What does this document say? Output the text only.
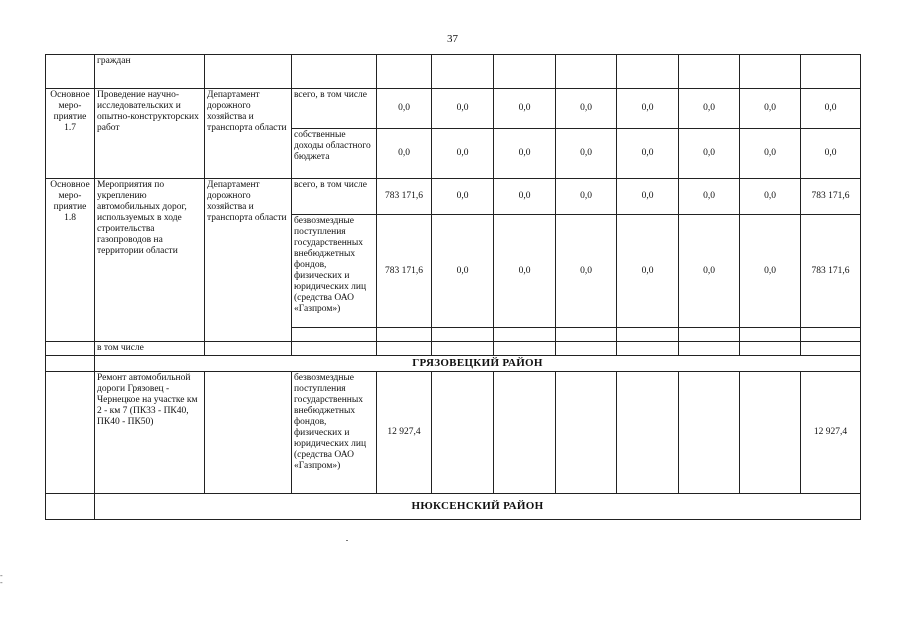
37
	граждан										
Основное меро-приятие 1.7	Проведение научно-исследовательских и опытно-конструкторских работ	Департамент дорожного хозяйства и транспорта области	всего, в том числе	0,0	0,0	0,0	0,0	0,0	0,0	0,0	0,0
			собственные доходы областного бюджета	0,0	0,0	0,0	0,0	0,0	0,0	0,0	0,0
Основное меро-приятие 1.8	Мероприятия по укреплению автомобильных дорог, используемых в ходе строительства газопроводов на территории области	Департамент дорожного хозяйства и транспорта области	всего, в том числе	783 171,6	0,0	0,0	0,0	0,0	0,0	0,0	783 171,6
			безвозмездные поступления государственных внебюджетных фондов, физических и юридических лиц (средства ОАО «Газпром»)	783 171,6	0,0	0,0	0,0	0,0	0,0	0,0	783 171,6

	в том числе										
	ГРЯЗОВЕЦКИЙ РАЙОН										
	Ремонт автомобильной дороги Грязовец - Чернецкое на участке км 2 - км 7 (ПК33 - ПК40, ПК40 - ПК50)		безвозмездные поступления государственных внебюджетных фондов, физических и юридических лиц (средства ОАО «Газпром»)	12 927,4							12 927,4
	НЮКСЕНСКИЙ РАЙОН										
-
-
